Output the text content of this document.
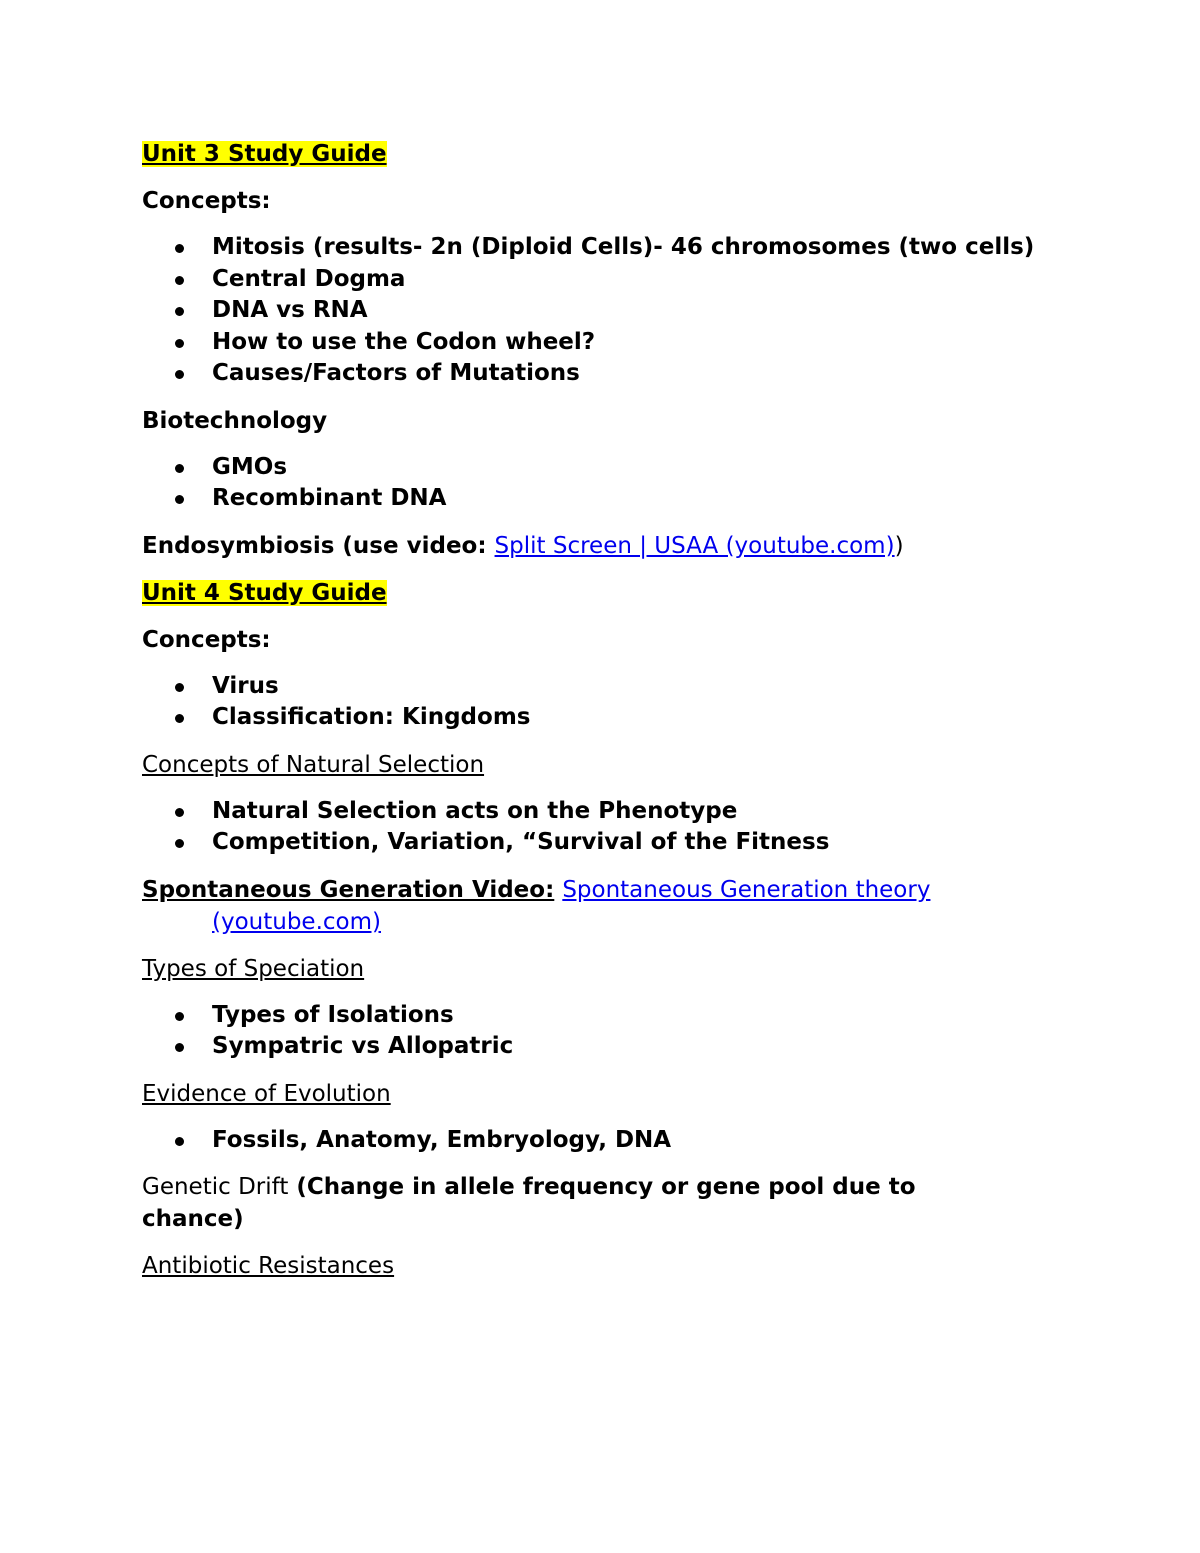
Unit 3 Study Guide

Concepts:

Mitosis (results- 2n (Diploid Cells)- 46 chromosomes (two cells)
Central Dogma
DNA vs RNA
How to use the Codon wheel?
Causes/Factors of Mutations

Biotechnology

GMOs
Recombinant DNA

Endosymbiosis (use video: Split Screen | USAA (youtube.com))

Unit 4 Study Guide

Concepts:

Virus
Classification: Kingdoms

Concepts of Natural Selection

Natural Selection acts on the Phenotype
Competition, Variation, “Survival of the Fitness

Spontaneous Generation Video: Spontaneous Generation theory
(youtube.com)

Types of Speciation

Types of Isolations
Sympatric vs Allopatric

Evidence of Evolution

Fossils, Anatomy, Embryology, DNA

Genetic Drift (Change in allele frequency or gene pool due to chance)

Antibiotic Resistances
